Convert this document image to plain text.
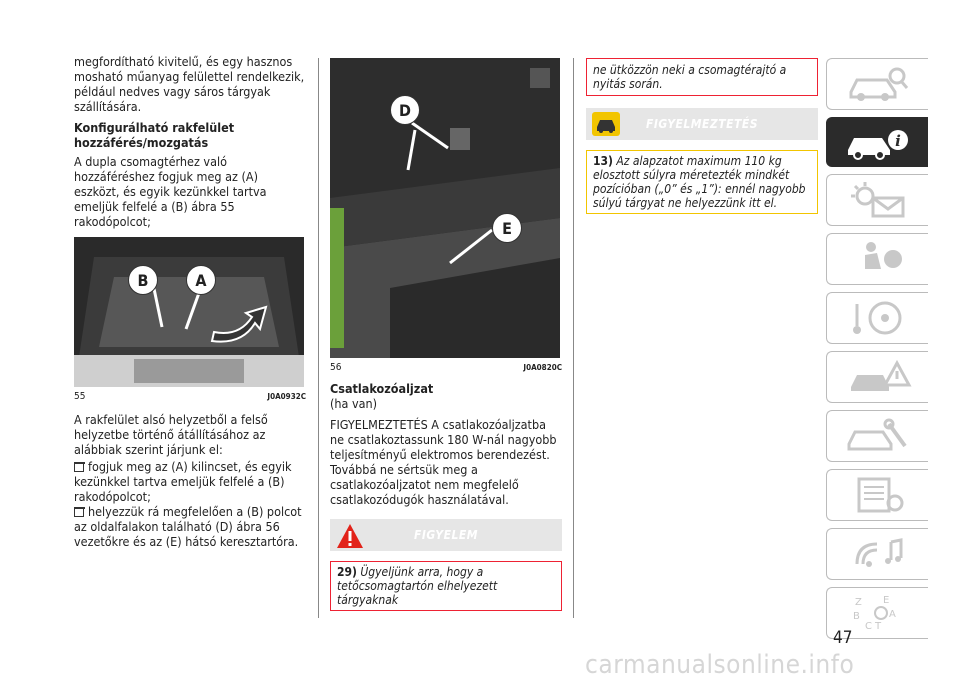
megfordítható kivitelű, és egy hasznos mosható műanyag felülettel rendelkezik, például nedves vagy sáros tárgyak szállítására.

Konfigurálható rakfelület hozzáférés/mozgatás

A dupla csomagtérhez való hozzáféréshez fogjuk meg az (A) eszközt, és egyik kezünkkel tartva emeljük felfelé a (B) ábra 55 rakodópolcot;

B	A
55	J0A0932C

A rakfelület alsó helyzetből a felső helyzetbe történő átállításához az alábbiak szerint járjunk el:

fogjuk meg az (A) kilincset, és egyik kezünkkel tartva emeljük felfelé a (B) rakodópolcot;

helyezzük rá megfelelően a (B) polcot az oldalfalakon található (D) ábra 56 vezetőkre és az (E) hátsó keresztartóra.

D
E
56	J0A0820C

Csatlakozóaljzat

(ha van)

FIGYELMEZTETÉS A csatlakozóaljzatba ne csatlakoztassunk 180 W-nál nagyobb teljesítményű elektromos berendezést. Továbbá ne sértsük meg a csatlakozóaljzatot nem megfelelő csatlakozódugók használatával.

FIGYELEM
29) Ügyeljünk arra, hogy a tetőcsomagtartón elhelyezett tárgyaknak
ne ütközzön neki a csomagtérajtó a nyitás során.
FIGYELMEZTETÉS
13) Az alapzatot maximum 110 kg elosztott súlyra méretezték mindkét pozícióban („0” és „1”): ennél nagyobb súlyú tárgyat ne helyezzünk itt el.
i
Z E
B	A
C T
47
carmanualsonline.info
